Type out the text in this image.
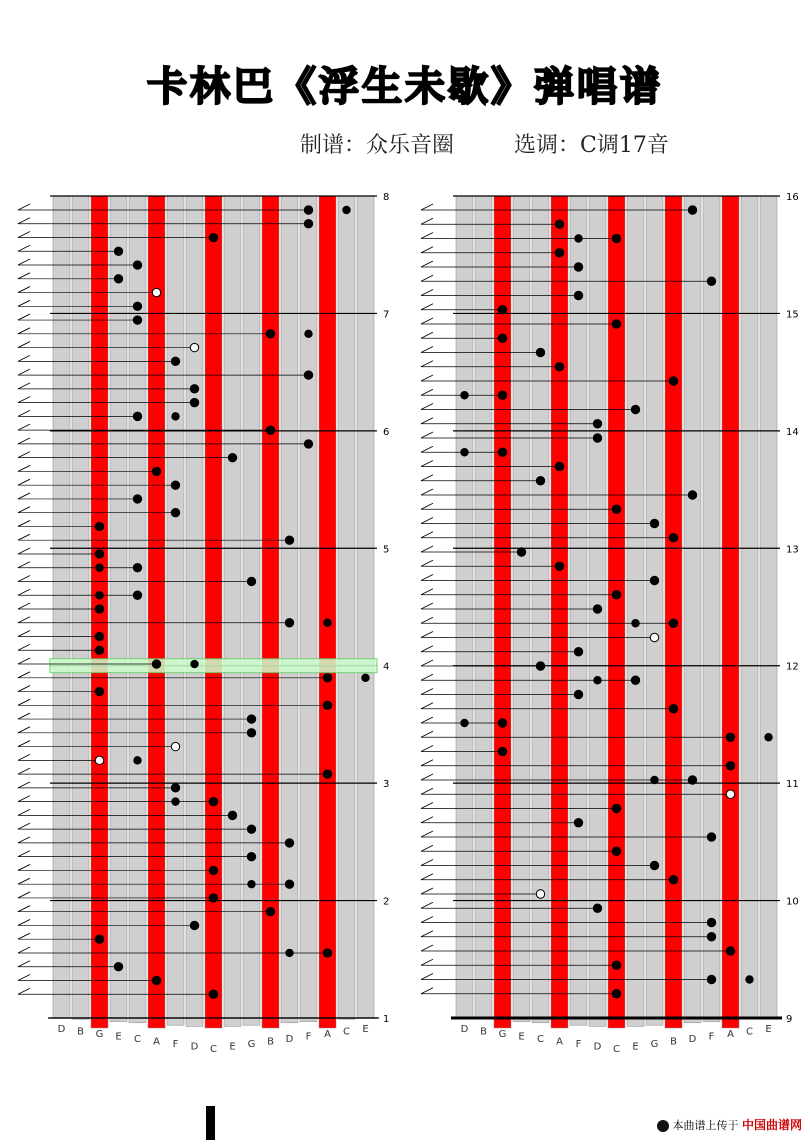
卡林巴《浮生未歇》弹唱谱
制谱：众乐音圈	选调：C调17音
D B G E C A F D C E G B D F A C E
1
2
3
4
5
6
7
8
D B G E C A F D C E G B D F A C E
9
10
11
12
13
14
15
16
本曲谱上传于 中国曲谱网
